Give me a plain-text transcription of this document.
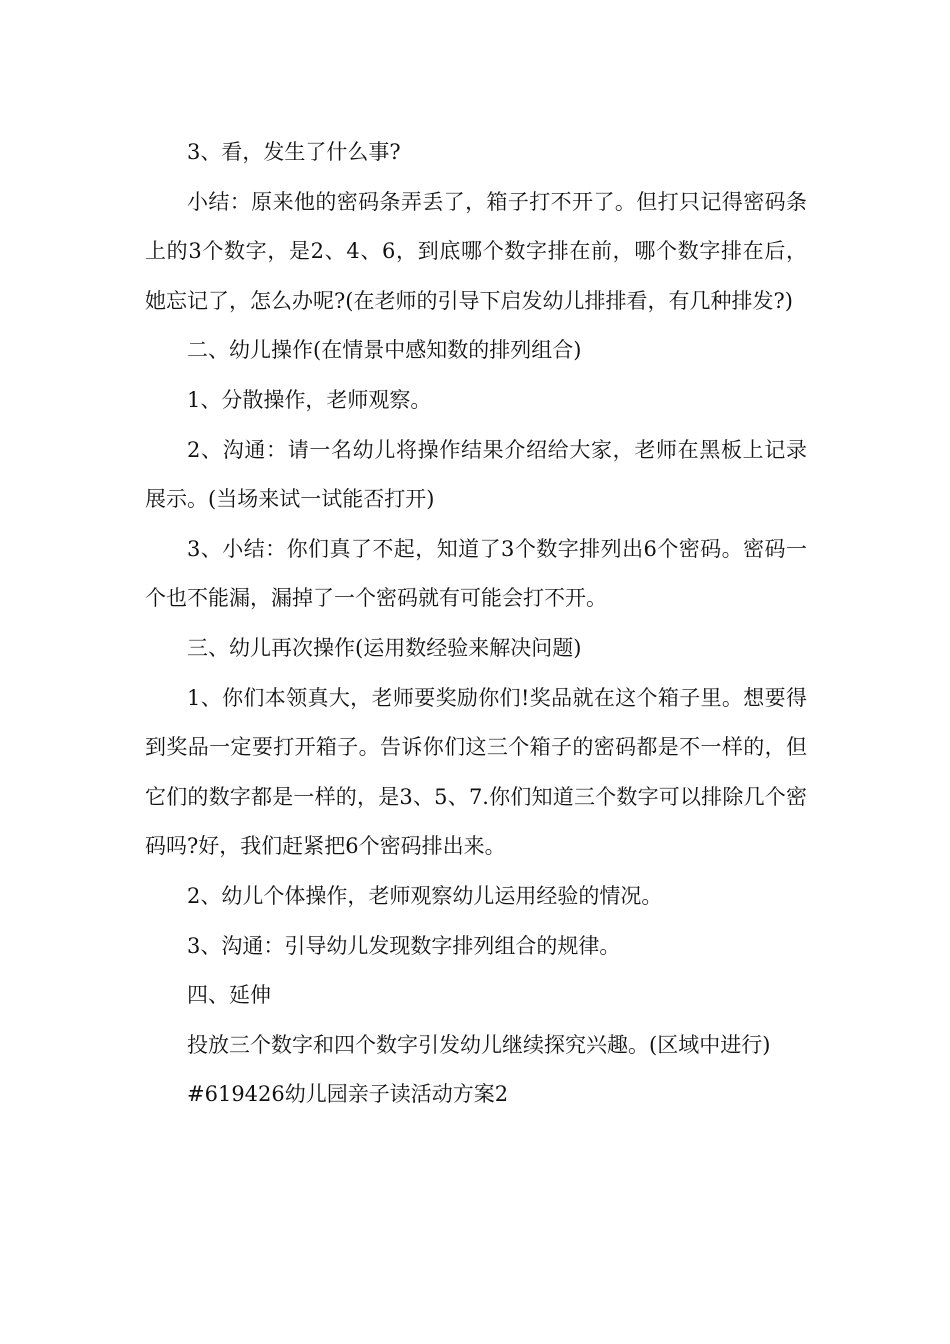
3、看，发生了什么事?

小结：原来他的密码条弄丢了，箱子打不开了。但打只记得密码条上的3个数字，是2、4、6，到底哪个数字排在前，哪个数字排在后，她忘记了，怎么办呢?(在老师的引导下启发幼儿排排看，有几种排发?)

二、幼儿操作(在情景中感知数的排列组合)

1、分散操作，老师观察。

2、沟通：请一名幼儿将操作结果介绍给大家，老师在黑板上记录展示。(当场来试一试能否打开)

3、小结：你们真了不起，知道了3个数字排列出6个密码。密码一个也不能漏，漏掉了一个密码就有可能会打不开。

三、幼儿再次操作(运用数经验来解决问题)

1、你们本领真大，老师要奖励你们!奖品就在这个箱子里。想要得到奖品一定要打开箱子。告诉你们这三个箱子的密码都是不一样的，但它们的数字都是一样的，是3、5、7.你们知道三个数字可以排除几个密码吗?好，我们赶紧把6个密码排出来。

2、幼儿个体操作，老师观察幼儿运用经验的情况。

3、沟通：引导幼儿发现数字排列组合的规律。

四、延伸

投放三个数字和四个数字引发幼儿继续探究兴趣。(区域中进行)

#619426幼儿园亲子读活动方案2
